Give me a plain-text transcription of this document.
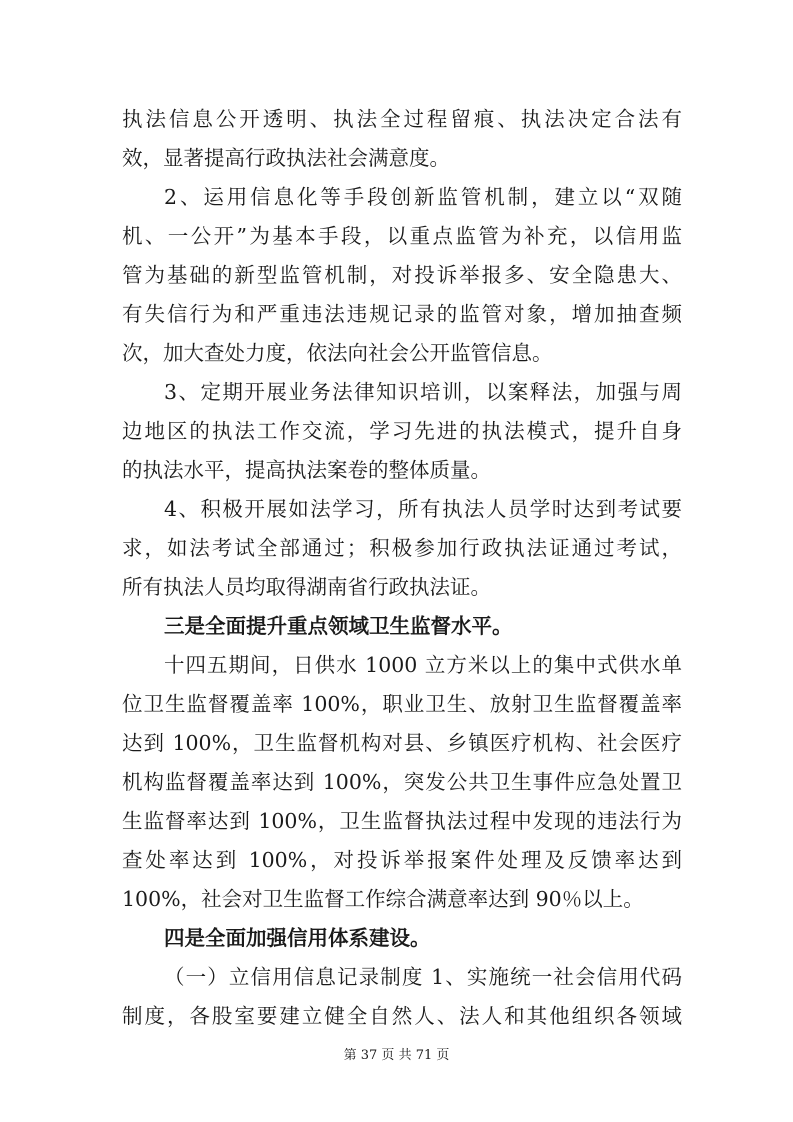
执法信息公开透明、执法全过程留痕、执法决定合法有
效，显著提高行政执法社会满意度。
2、运用信息化等手段创新监管机制，建立以“双随
机、一公开”为基本手段，以重点监管为补充，以信用监
管为基础的新型监管机制，对投诉举报多、安全隐患大、
有失信行为和严重违法违规记录的监管对象，增加抽查频
次，加大查处力度，依法向社会公开监管信息。
3、定期开展业务法律知识培训，以案释法，加强与周
边地区的执法工作交流，学习先进的执法模式，提升自身
的执法水平，提高执法案卷的整体质量。
4、积极开展如法学习，所有执法人员学时达到考试要
求，如法考试全部通过；积极参加行政执法证通过考试，
所有执法人员均取得湖南省行政执法证。
三是全面提升重点领域卫生监督水平。
十四五期间，日供水 1000 立方米以上的集中式供水单
位卫生监督覆盖率 100%，职业卫生、放射卫生监督覆盖率
达到 100%，卫生监督机构对县、乡镇医疗机构、社会医疗
机构监督覆盖率达到 100%，突发公共卫生事件应急处置卫
生监督率达到 100%，卫生监督执法过程中发现的违法行为
查处率达到 100%，对投诉举报案件处理及反馈率达到
100%，社会对卫生监督工作综合满意率达到 90％以上。
四是全面加强信用体系建设。
（一）立信用信息记录制度 1、实施统一社会信用代码
制度，各股室要建立健全自然人、法人和其他组织各领域
第 37 页 共 71 页
